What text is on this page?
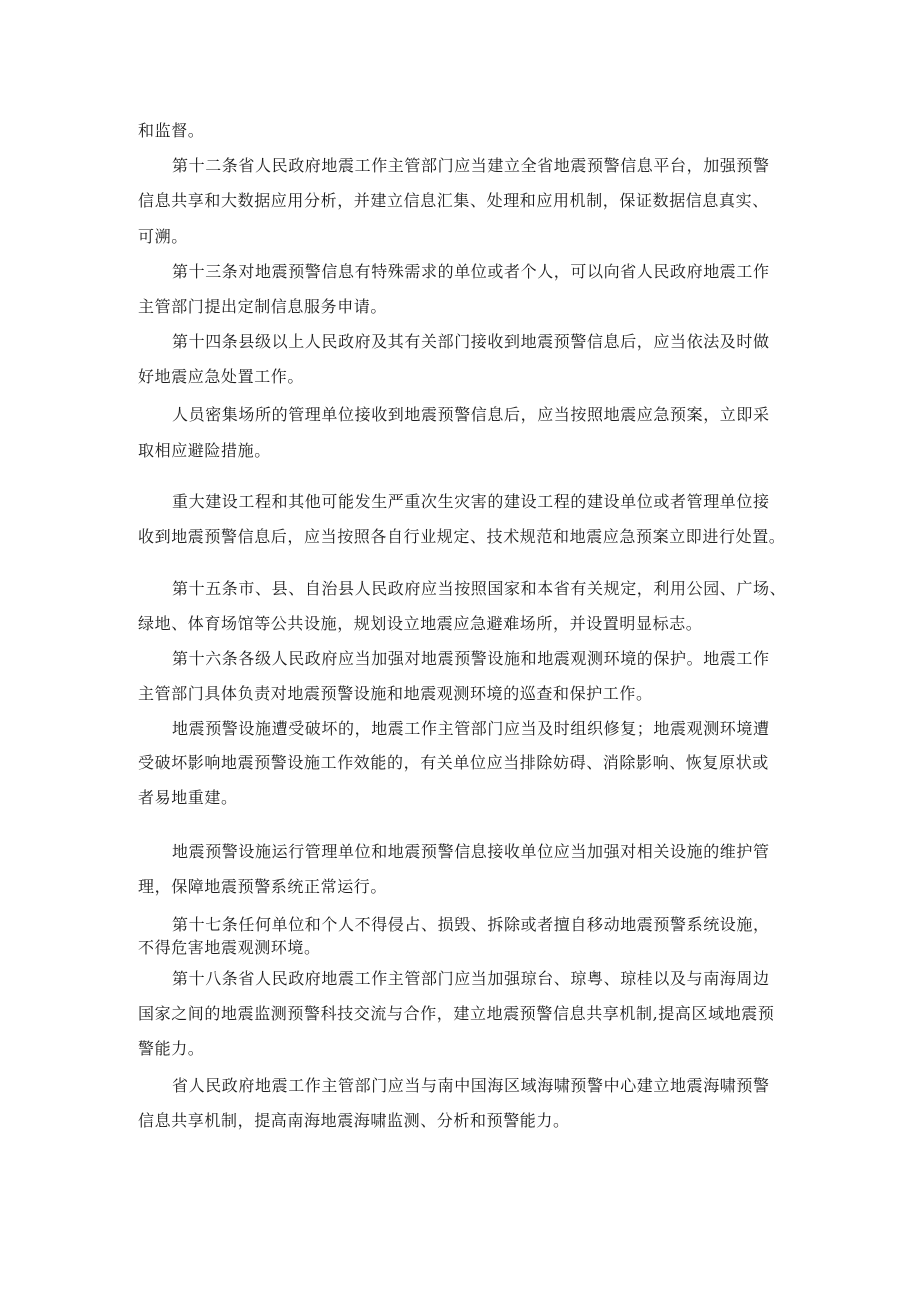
和监督。
第十二条省人民政府地震工作主管部门应当建立全省地震预警信息平台，加强预警
信息共享和大数据应用分析，并建立信息汇集、处理和应用机制，保证数据信息真实、
可溯。
第十三条对地震预警信息有特殊需求的单位或者个人，可以向省人民政府地震工作
主管部门提出定制信息服务申请。
第十四条县级以上人民政府及其有关部门接收到地震预警信息后，应当依法及时做
好地震应急处置工作。
人员密集场所的管理单位接收到地震预警信息后，应当按照地震应急预案，立即采
取相应避险措施。
重大建设工程和其他可能发生严重次生灾害的建设工程的建设单位或者管理单位接
收到地震预警信息后，应当按照各自行业规定、技术规范和地震应急预案立即进行处置。
第十五条市、县、自治县人民政府应当按照国家和本省有关规定，利用公园、广场、
绿地、体育场馆等公共设施，规划设立地震应急避难场所，并设置明显标志。
第十六条各级人民政府应当加强对地震预警设施和地震观测环境的保护。地震工作
主管部门具体负责对地震预警设施和地震观测环境的巡查和保护工作。
地震预警设施遭受破坏的，地震工作主管部门应当及时组织修复；地震观测环境遭
受破坏影响地震预警设施工作效能的，有关单位应当排除妨碍、消除影响、恢复原状或
者易地重建。
地震预警设施运行管理单位和地震预警信息接收单位应当加强对相关设施的维护管
理，保障地震预警系统正常运行。
第十七条任何单位和个人不得侵占、损毁、拆除或者擅自移动地震预警系统设施，
不得危害地震观测环境。
第十八条省人民政府地震工作主管部门应当加强琼台、琼粤、琼桂以及与南海周边
国家之间的地震监测预警科技交流与合作，建立地震预警信息共享机制,提高区域地震预
警能力。
省人民政府地震工作主管部门应当与南中国海区域海啸预警中心建立地震海啸预警
信息共享机制，提高南海地震海啸监测、分析和预警能力。
